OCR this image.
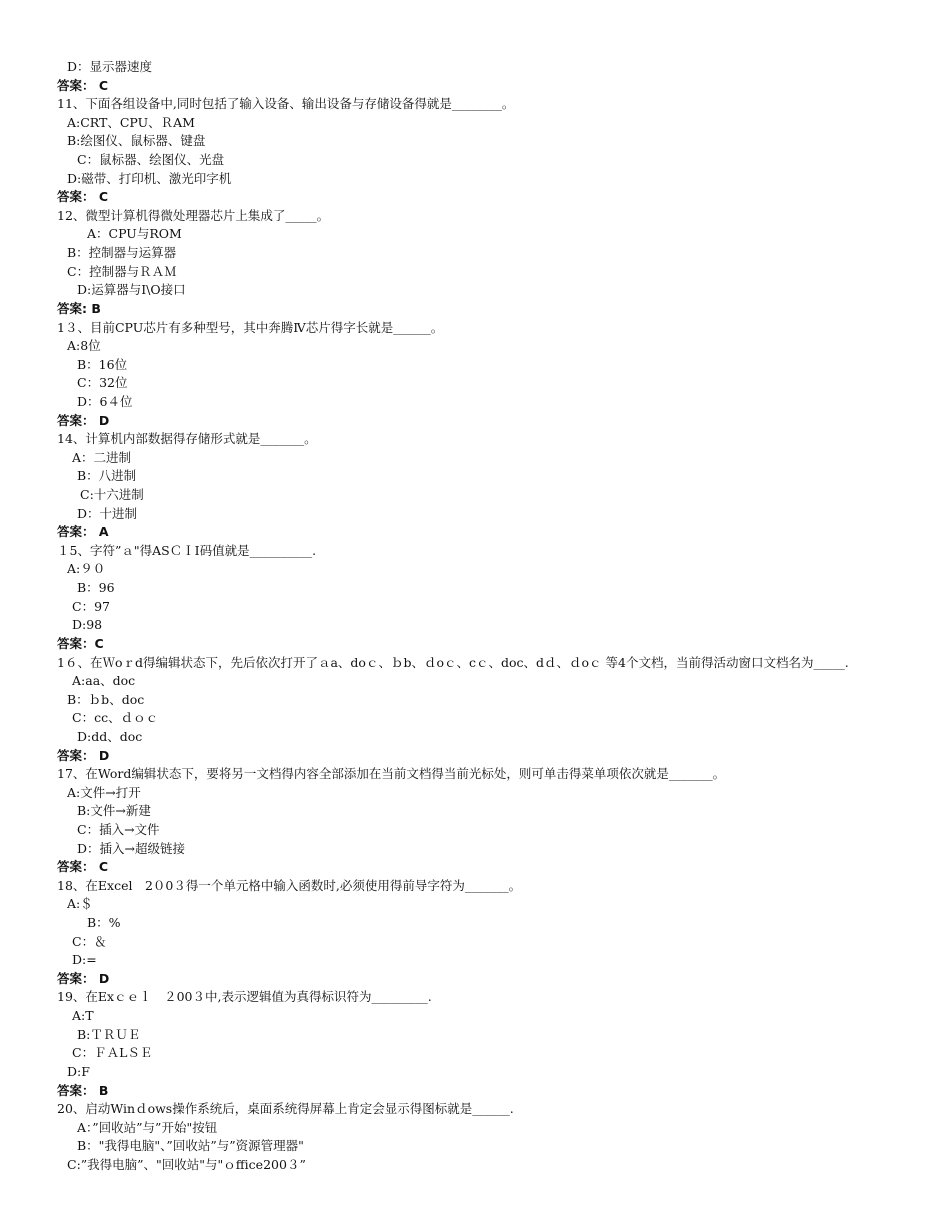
D：显示器速度
答案： C
11、下面各组设备中,同时包括了输入设备、输出设备与存储设备得就是________。
A:CRT、CPU、ＲAM
B:绘图仪、鼠标器、键盘
C：鼠标器、绘图仪、光盘
D:磁带、打印机、激光印字机
答案： C
12、微型计算机得微处理器芯片上集成了_____。
A：CPU与ROM
B：控制器与运算器
C：控制器与ＲＡＭ
D:运算器与I\O接口
答案: B
1３、目前CPU芯片有多种型号，其中奔腾Ⅳ芯片得字长就是______。
A:8位
B：16位
C：32位
D：6４位
答案： D
14、计算机内部数据得存储形式就是_______。
A：二进制
B：八进制
C:十六进制
D：十进制
答案： A
１5、字符”ａ"得ASＣＩI码值就是__________.
A:９０
B：96
C：97
D:98
答案：C
1６、在Ｗoｒd得编辑状态下，先后依次打开了ａa、doｃ、ｂb、ｄoｃ、cｃ、doc、dｄ、ｄoｃ 等4个文档，当前得活动窗口文档名为_____.
A:aa、doc
B：ｂb、doc
C：cc、ｄｏｃ
D:dd、doc
答案： D
17、在Word编辑状态下，要将另一文档得内容全部添加在当前文档得当前光标处，则可单击得菜单项依次就是_______。
A:文件→打开
B:文件→新建
C：插入→文件
D：插入→超级链接
答案： C
18、在Excel　2０0３得一个单元格中输入函数时,必须使用得前导字符为_______。
A:＄
B：%
C：＆
D:=
答案： D
19、在Exｃｅｌ　２00３中,表示逻辑值为真得标识符为_________.
A:T
B:ＴＲＵＥ
C：ＦＡLＳＥ
D:F
答案： B
20、启动Winｄows操作系统后，桌面系统得屏幕上肯定会显示得图标就是______.
A：”回收站”与”开始"按钮
B："我得电脑"、”回收站”与”资源管理器"
C:”我得电脑”、"回收站"与"ｏffice200３”
